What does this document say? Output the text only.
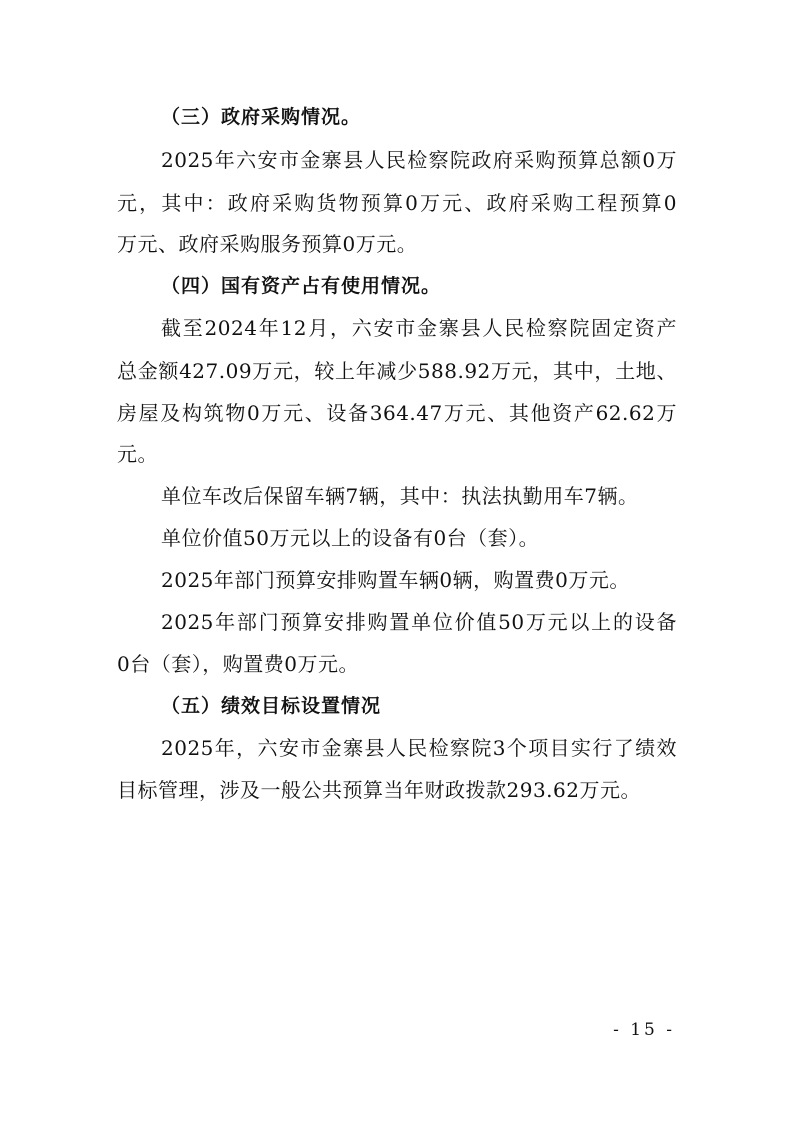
（三）政府采购情况。
2025年六安市金寨县人民检察院政府采购预算总额0万
元，其中：政府采购货物预算0万元、政府采购工程预算0
万元、政府采购服务预算0万元。
（四）国有资产占有使用情况。
截至2024年12月，六安市金寨县人民检察院固定资产
总金额427.09万元，较上年减少588.92万元，其中，土地、
房屋及构筑物0万元、设备364.47万元、其他资产62.62万
元。
单位车改后保留车辆7辆，其中：执法执勤用车7辆。
单位价值50万元以上的设备有0台（套）。
2025年部门预算安排购置车辆0辆，购置费0万元。
2025年部门预算安排购置单位价值50万元以上的设备
0台（套），购置费0万元。
（五）绩效目标设置情况
2025年，六安市金寨县人民检察院3个项目实行了绩效
目标管理，涉及一般公共预算当年财政拨款293.62万元。
- 15 -
